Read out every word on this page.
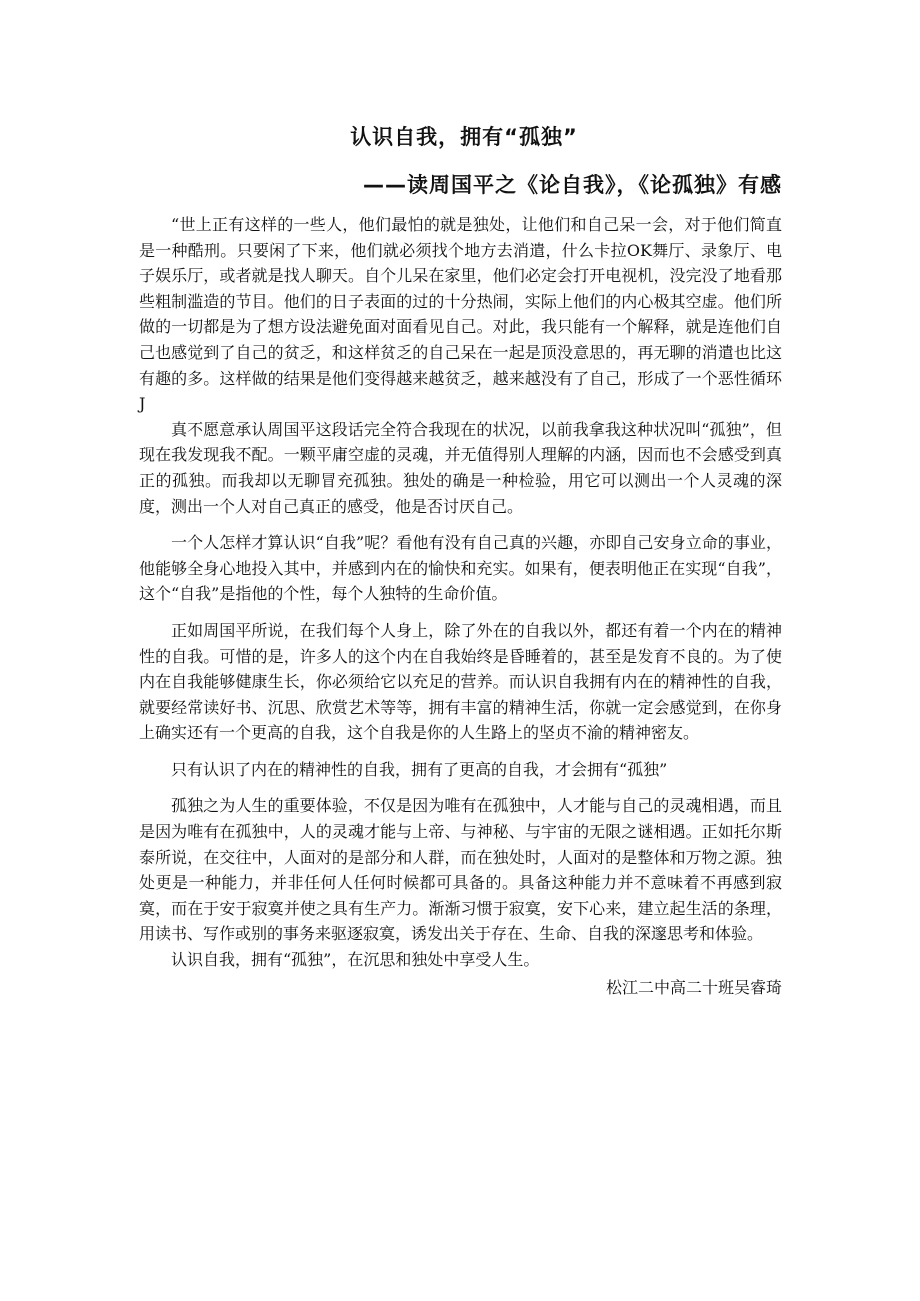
认识自我，拥有“孤独”
——读周国平之《论自我》，《论孤独》有感

“世上正有这样的一些人，他们最怕的就是独处，让他们和自己呆一会，对于他们简直是一种酷刑。只要闲了下来，他们就必须找个地方去消遣，什么卡拉OK舞厅、录象厅、电子娱乐厅，或者就是找人聊天。自个儿呆在家里，他们必定会打开电视机，没完没了地看那些粗制滥造的节目。他们的日子表面的过的十分热闹，实际上他们的内心极其空虚。他们所做的一切都是为了想方设法避免面对面看见自己。对此，我只能有一个解释，就是连他们自己也感觉到了自己的贫乏，和这样贫乏的自己呆在一起是顶没意思的，再无聊的消遣也比这有趣的多。这样做的结果是他们变得越来越贫乏，越来越没有了自己，形成了一个恶性循环J

真不愿意承认周国平这段话完全符合我现在的状况，以前我拿我这种状况叫“孤独”，但现在我发现我不配。一颗平庸空虚的灵魂，并无值得别人理解的内涵，因而也不会感受到真正的孤独。而我却以无聊冒充孤独。独处的确是一种检验，用它可以测出一个人灵魂的深度，测出一个人对自己真正的感受，他是否讨厌自己。

一个人怎样才算认识“自我”呢？看他有没有自己真的兴趣，亦即自己安身立命的事业，他能够全身心地投入其中，并感到内在的愉快和充实。如果有，便表明他正在实现“自我”，这个“自我”是指他的个性，每个人独特的生命价值。

正如周国平所说，在我们每个人身上，除了外在的自我以外，都还有着一个内在的精神性的自我。可惜的是，许多人的这个内在自我始终是昏睡着的，甚至是发育不良的。为了使内在自我能够健康生长，你必须给它以充足的营养。而认识自我拥有内在的精神性的自我，就要经常读好书、沉思、欣赏艺术等等，拥有丰富的精神生活，你就一定会感觉到，在你身上确实还有一个更高的自我，这个自我是你的人生路上的坚贞不渝的精神密友。

只有认识了内在的精神性的自我，拥有了更高的自我，才会拥有“孤独”

孤独之为人生的重要体验，不仅是因为唯有在孤独中，人才能与自己的灵魂相遇，而且是因为唯有在孤独中，人的灵魂才能与上帝、与神秘、与宇宙的无限之谜相遇。正如托尔斯泰所说，在交往中，人面对的是部分和人群，而在独处时，人面对的是整体和万物之源。独处更是一种能力，并非任何人任何时候都可具备的。具备这种能力并不意味着不再感到寂寞，而在于安于寂寞并使之具有生产力。渐渐习惯于寂寞，安下心来，建立起生活的条理，用读书、写作或别的事务来驱逐寂寞，诱发出关于存在、生命、自我的深邃思考和体验。

认识自我，拥有“孤独”，在沉思和独处中享受人生。

松江二中高二十班吴睿琦
